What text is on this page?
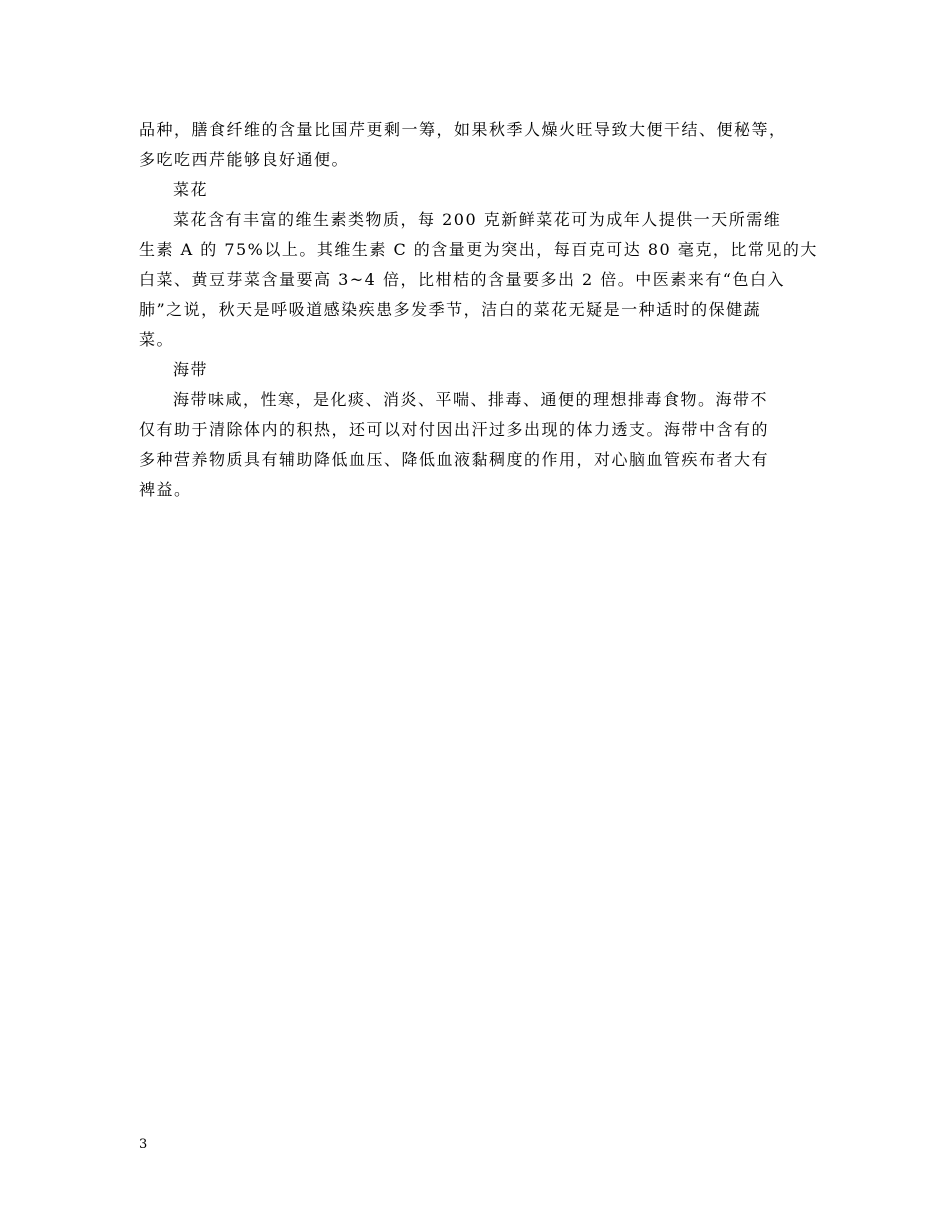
品种，膳食纤维的含量比国芹更剩一筹，如果秋季人燥火旺导致大便干结、便秘等，
多吃吃西芹能够良好通便。
菜花
菜花含有丰富的维生素类物质，每 200 克新鲜菜花可为成年人提供一天所需维
生素 A 的 75%以上。其维生素 C 的含量更为突出，每百克可达 80 毫克，比常见的大
白菜、黄豆芽菜含量要高 3~4 倍，比柑桔的含量要多出 2 倍。中医素来有“色白入
肺”之说，秋天是呼吸道感染疾患多发季节，洁白的菜花无疑是一种适时的保健蔬
菜。
海带
海带味咸，性寒，是化痰、消炎、平喘、排毒、通便的理想排毒食物。海带不
仅有助于清除体内的积热，还可以对付因出汗过多出现的体力透支。海带中含有的
多种营养物质具有辅助降低血压、降低血液黏稠度的作用，对心脑血管疾布者大有
裨益。
3
